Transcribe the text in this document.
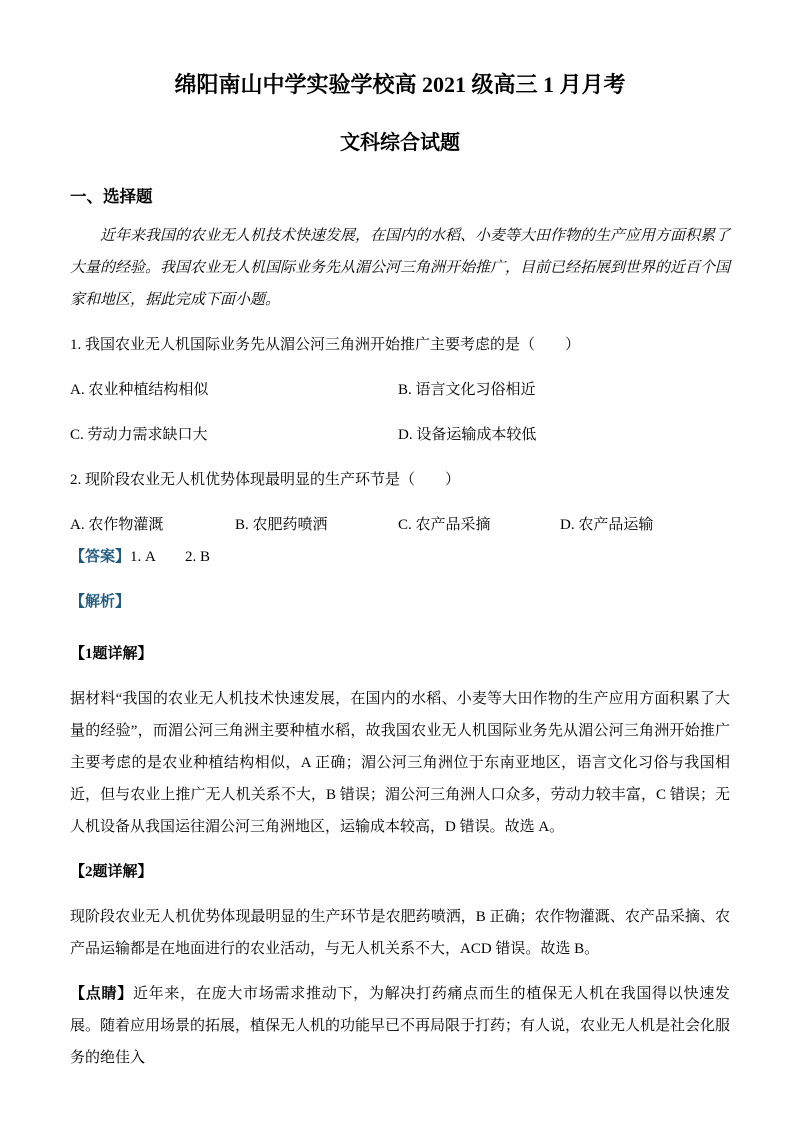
绵阳南山中学实验学校高 2021 级高三 1 月月考
文科综合试题
一、选择题

近年来我国的农业无人机技术快速发展，在国内的水稻、小麦等大田作物的生产应用方面积累了大量的经验。我国农业无人机国际业务先从湄公河三角洲开始推广，目前已经拓展到世界的近百个国家和地区，据此完成下面小题。

1. 我国农业无人机国际业务先从湄公河三角洲开始推广主要考虑的是（　　）

A. 农业种植结构相似	B. 语言文化习俗相近
C. 劳动力需求缺口大	D. 设备运输成本较低

2. 现阶段农业无人机优势体现最明显的生产环节是（　　）

A. 农作物灌溉	B. 农肥药喷洒	C. 农产品采摘	D. 农产品运输

【答案】1. A　　2. B

【解析】

【1题详解】

据材料“我国的农业无人机技术快速发展，在国内的水稻、小麦等大田作物的生产应用方面积累了大量的经验”，而湄公河三角洲主要种植水稻，故我国农业无人机国际业务先从湄公河三角洲开始推广主要考虑的是农业种植结构相似，A 正确；湄公河三角洲位于东南亚地区，语言文化习俗与我国相近，但与农业上推广无人机关系不大，B 错误；湄公河三角洲人口众多，劳动力较丰富，C 错误；无人机设备从我国运往湄公河三角洲地区，运输成本较高，D 错误。故选 A。

【2题详解】

现阶段农业无人机优势体现最明显的生产环节是农肥药喷洒，B 正确；农作物灌溉、农产品采摘、农产品运输都是在地面进行的农业活动，与无人机关系不大，ACD 错误。故选 B。

【点睛】近年来，在庞大市场需求推动下，为解决打药痛点而生的植保无人机在我国得以快速发展。随着应用场景的拓展，植保无人机的功能早已不再局限于打药；有人说，农业无人机是社会化服务的绝佳入
